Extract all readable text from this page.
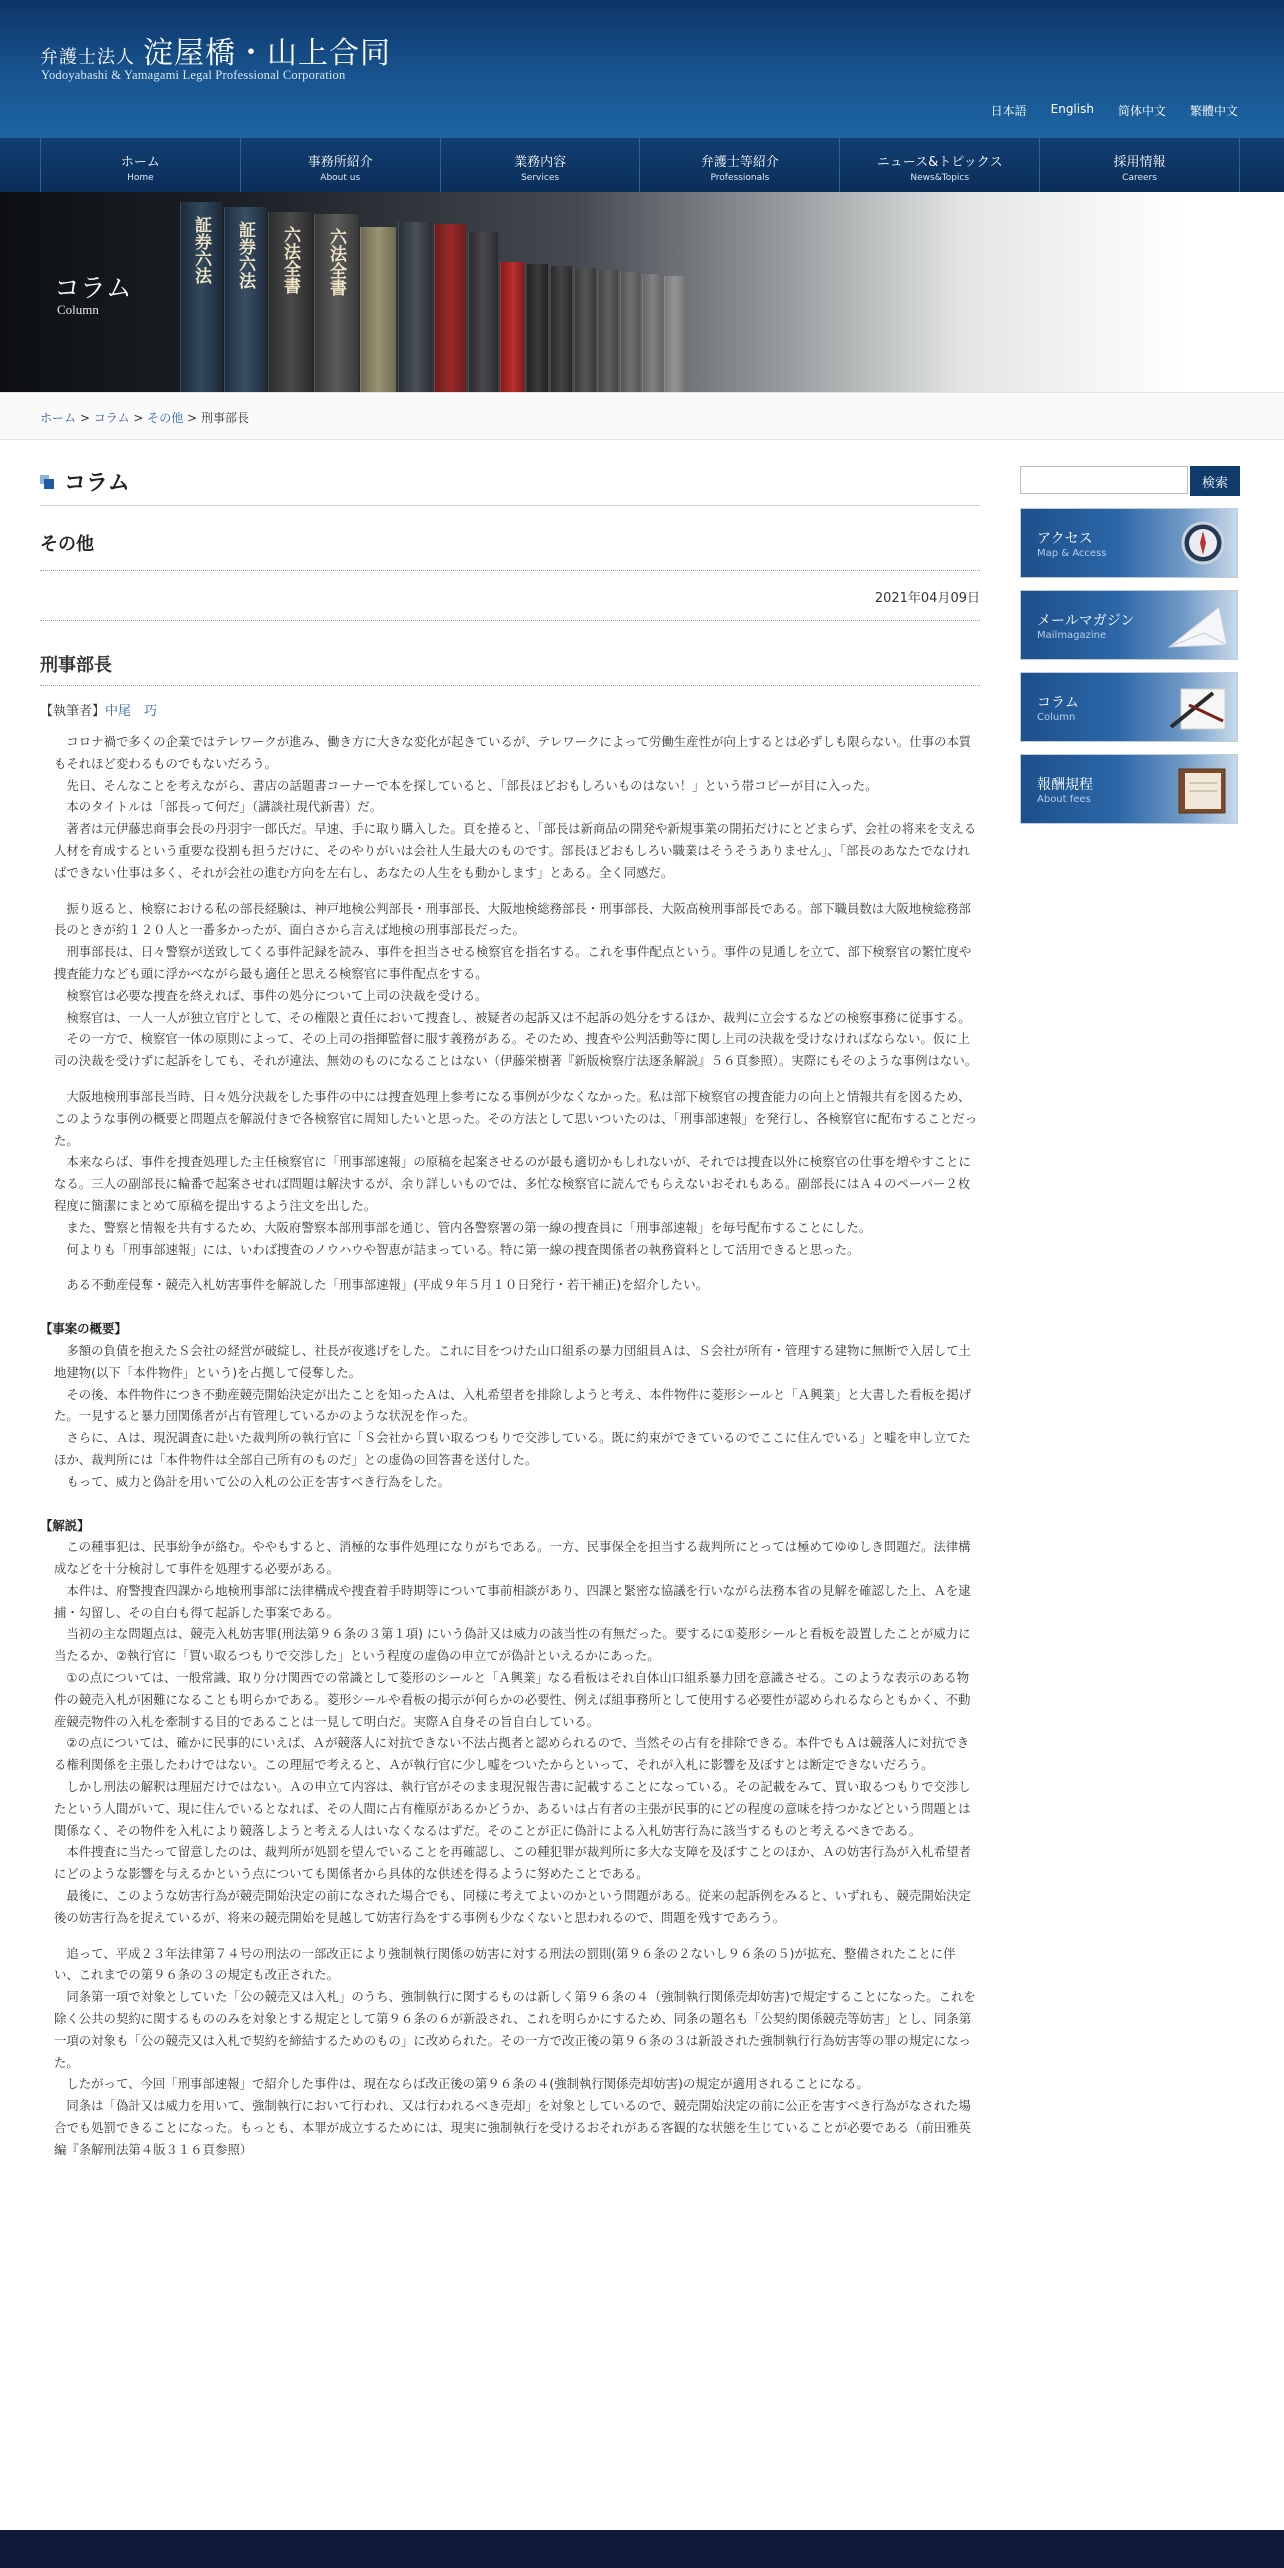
弁護士法人 淀屋橋・山上合同
Yodoyabashi & Yamagami Legal Professional Corporation
日本語 English 简体中文 繁體中文
ホーム
Home
事務所紹介
About us
業務内容
Services
弁護士等紹介
Professionals
ニュース&トピックス
News&Topics
採用情報
Careers
証券六法 証券六法 六法全書 六法全書
コラム
Column
ホーム > コラム > その他 > 刑事部長
コラム
その他
2021年04月09日
刑事部長
【執筆者】中尾　巧

コロナ禍で多くの企業ではテレワークが進み、働き方に大きな変化が起きているが、テレワークによって労働生産性が向上するとは必ずしも限らない。仕事の本質もそれほど変わるものでもないだろう。

先日、そんなことを考えながら、書店の話題書コーナーで本を探していると、「部長ほどおもしろいものはない！」という帯コピーが目に入った。

本のタイトルは「部長って何だ」（講談社現代新書）だ。

著者は元伊藤忠商事会長の丹羽宇一郎氏だ。早速、手に取り購入した。頁を捲ると、「部長は新商品の開発や新規事業の開拓だけにとどまらず、会社の将来を支える人材を育成するという重要な役割も担うだけに、そのやりがいは会社人生最大のものです。部長ほどおもしろい職業はそうそうありません」、「部長のあなたでなければできない仕事は多く、それが会社の進む方向を左右し、あなたの人生をも動かします」とある。全く同感だ。

振り返ると、検察における私の部長経験は、神戸地検公判部長・刑事部長、大阪地検総務部長・刑事部長、大阪高検刑事部長である。部下職員数は大阪地検総務部長のときが約１２０人と一番多かったが、面白さから言えば地検の刑事部長だった。

刑事部長は、日々警察が送致してくる事件記録を読み、事件を担当させる検察官を指名する。これを事件配点という。事件の見通しを立て、部下検察官の繁忙度や捜査能力なども頭に浮かべながら最も適任と思える検察官に事件配点をする。

検察官は必要な捜査を終えれば、事件の処分について上司の決裁を受ける。

検察官は、一人一人が独立官庁として、その権限と責任において捜査し、被疑者の起訴又は不起訴の処分をするほか、裁判に立会するなどの検察事務に従事する。

その一方で、検察官一体の原則によって、その上司の指揮監督に服す義務がある。そのため、捜査や公判活動等に関し上司の決裁を受けなければならない。仮に上司の決裁を受けずに起訴をしても、それが違法、無効のものになることはない（伊藤栄樹著『新版検察庁法逐条解説』５６頁参照）。実際にもそのような事例はない。

大阪地検刑事部長当時、日々処分決裁をした事件の中には捜査処理上参考になる事例が少なくなかった。私は部下検察官の捜査能力の向上と情報共有を図るため、このような事例の概要と問題点を解説付きで各検察官に周知したいと思った。その方法として思いついたのは、「刑事部速報」を発行し、各検察官に配布することだった。

本来ならば、事件を捜査処理した主任検察官に「刑事部速報」の原稿を起案させるのが最も適切かもしれないが、それでは捜査以外に検察官の仕事を増やすことになる。三人の副部長に輪番で起案させれば問題は解決するが、余り詳しいものでは、多忙な検察官に読んでもらえないおそれもある。副部長にはＡ４のペーパー２枚程度に簡潔にまとめて原稿を提出するよう注文を出した。

また、警察と情報を共有するため、大阪府警察本部刑事部を通じ、管内各警察署の第一線の捜査員に「刑事部速報」を毎号配布することにした。

何よりも「刑事部速報」には、いわば捜査のノウハウや智恵が詰まっている。特に第一線の捜査関係者の執務資料として活用できると思った。

ある不動産侵奪・競売入札妨害事件を解説した「刑事部速報」(平成９年５月１０日発行・若干補正)を紹介したい。

【事案の概要】

多額の負債を抱えたＳ会社の経営が破綻し、社長が夜逃げをした。これに目をつけた山口組系の暴力団組員Ａは、Ｓ会社が所有・管理する建物に無断で入居して土地建物(以下「本件物件」という)を占拠して侵奪した。

その後、本件物件につき不動産競売開始決定が出たことを知ったＡは、入札希望者を排除しようと考え、本件物件に菱形シールと「Ａ興業」と大書した看板を掲げた。一見すると暴力団関係者が占有管理しているかのような状況を作った。

さらに、Ａは、現況調査に赴いた裁判所の執行官に「Ｓ会社から買い取るつもりで交渉している。既に約束ができているのでここに住んでいる」と嘘を申し立てたほか、裁判所には「本件物件は全部自己所有のものだ」との虚偽の回答書を送付した。

もって、威力と偽計を用いて公の入札の公正を害すべき行為をした。

【解説】

この種事犯は、民事紛争が絡む。ややもすると、消極的な事件処理になりがちである。一方、民事保全を担当する裁判所にとっては極めてゆゆしき問題だ。法律構成などを十分検討して事件を処理する必要がある。

本件は、府警捜査四課から地検刑事部に法律構成や捜査着手時期等について事前相談があり、四課と緊密な協議を行いながら法務本省の見解を確認した上、Ａを逮捕・勾留し、その自白も得て起訴した事案である。

当初の主な問題点は、競売入札妨害罪(刑法第９６条の３第１項) にいう偽計又は威力の該当性の有無だった。要するに①菱形シールと看板を設置したことが威力に当たるか、②執行官に「買い取るつもりで交渉した」という程度の虚偽の申立てが偽計といえるかにあった。

①の点については、一般常識、取り分け関西での常識として菱形のシールと「Ａ興業」なる看板はそれ自体山口組系暴力団を意識させる。このような表示のある物件の競売入札が困難になることも明らかである。菱形シールや看板の掲示が何らかの必要性、例えば組事務所として使用する必要性が認められるならともかく、不動産競売物件の入札を牽制する目的であることは一見して明白だ。実際Ａ自身その旨自白している。

②の点については、確かに民事的にいえば、Ａが競落人に対抗できない不法占拠者と認められるので、当然その占有を排除できる。本件でもＡは競落人に対抗できる権利関係を主張したわけではない。この理屈で考えると、Ａが執行官に少し嘘をついたからといって、それが入札に影響を及ぼすとは断定できないだろう。

しかし刑法の解釈は理屈だけではない。Ａの申立て内容は、執行官がそのまま現況報告書に記載することになっている。その記載をみて、買い取るつもりで交渉したという人間がいて、現に住んでいるとなれば、その人間に占有権原があるかどうか、あるいは占有者の主張が民事的にどの程度の意味を持つかなどという問題とは関係なく、その物件を入札により競落しようと考える人はいなくなるはずだ。そのことが正に偽計による入札妨害行為に該当するものと考えるべきである。

本件捜査に当たって留意したのは、裁判所が処罰を望んでいることを再確認し、この種犯罪が裁判所に多大な支障を及ぼすことのほか、Ａの妨害行為が入札希望者にどのような影響を与えるかという点についても関係者から具体的な供述を得るように努めたことである。

最後に、このような妨害行為が競売開始決定の前になされた場合でも、同様に考えてよいのかという問題がある。従来の起訴例をみると、いずれも、競売開始決定後の妨害行為を捉えているが、将来の競売開始を見越して妨害行為をする事例も少なくないと思われるので、問題を残すであろう。

追って、平成２３年法律第７４号の刑法の一部改正により強制執行関係の妨害に対する刑法の罰則(第９６条の２ないし９６条の５)が拡充、整備されたことに伴い、これまでの第９６条の３の規定も改正された。

同条第一項で対象としていた「公の競売又は入札」のうち、強制執行に関するものは新しく第９６条の４（強制執行関係売却妨害)で規定することになった。これを除く公共の契約に関するもののみを対象とする規定として第９６条の６が新設され、これを明らかにするため、同条の題名も「公契約関係競売等妨害」とし、同条第一項の対象も「公の競売又は入札で契約を締結するためのもの」に改められた。その一方で改正後の第９６条の３は新設された強制執行行為妨害等の罪の規定になった。

したがって、今回「刑事部速報」で紹介した事件は、現在ならば改正後の第９６条の４(強制執行関係売却妨害)の規定が適用されることになる。

同条は「偽計又は威力を用いて、強制執行において行われ、又は行われるべき売却」を対象としているので、競売開始決定の前に公正を害すべき行為がなされた場合でも処罰できることになった。もっとも、本罪が成立するためには、現実に強制執行を受けるおそれがある客観的な状態を生じていることが必要である（前田雅英編『条解刑法第４版３１６頁参照）

検索
アクセス
Map & Access
メールマガジン
Mailmagazine
コラム
Column
報酬規程
About fees
